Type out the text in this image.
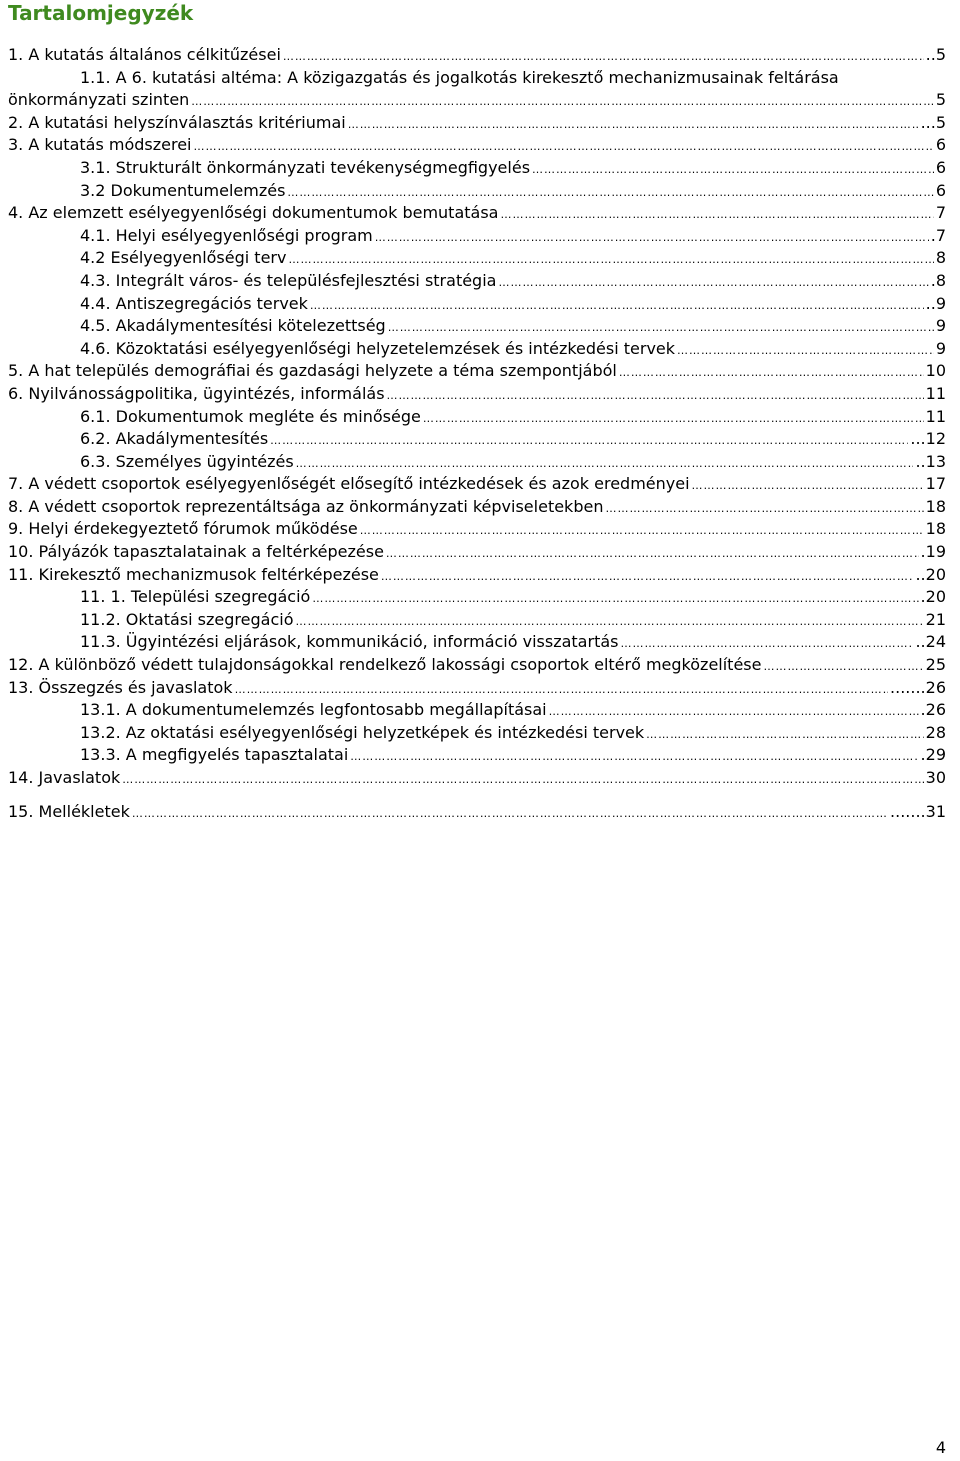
Tartalomjegyzék
1. A kutatás általános célkitűzései ………………………………………………………………………………………………………………………………………………………………………………………………………………………………………………………	..5
1.1. A 6. kutatási altéma: A közigazgatás és jogalkotás kirekesztő mechanizmusainak feltárása
önkormányzati szinten ………………………………………………………………………………………………………………………………………………………………………………………………………………………………………………………	5
2. A kutatási helyszínválasztás kritériumai ………………………………………………………………………………………………………………………………………………………………………………………………………………………………………………………	...5
3. A kutatás módszerei ………………………………………………………………………………………………………………………………………………………………………………………………………………………………………………………	6
3.1. Strukturált önkormányzati tevékenységmegfigyelés ………………………………………………………………………………………………………………………………………………………………………………………………………………………………………………………	6
3.2 Dokumentumelemzés ………………………………………………………………………………………………………………………………………………………………………………………………………………………………………………………	6
4. Az elemzett esélyegyenlőségi dokumentumok bemutatása ………………………………………………………………………………………………………………………………………………………………………………………………………………………………………………………	7
4.1. Helyi esélyegyenlőségi program ………………………………………………………………………………………………………………………………………………………………………………………………………………………………………………………	.7
4.2 Esélyegyenlőségi terv ………………………………………………………………………………………………………………………………………………………………………………………………………………………………………………………	8
4.3. Integrált város- és településfejlesztési stratégia ………………………………………………………………………………………………………………………………………………………………………………………………………………………………………………………	.8
4.4. Antiszegregációs tervek ………………………………………………………………………………………………………………………………………………………………………………………………………………………………………………………	..9
4.5. Akadálymentesítési kötelezettség ………………………………………………………………………………………………………………………………………………………………………………………………………………………………………………………	9
4.6. Közoktatási esélyegyenlőségi helyzetelemzések és intézkedési tervek ………………………………………………………………………………………………………………………………………………………………………………………………………………………………………………………	9
5. A hat település demográfiai és gazdasági helyzete a téma szempontjából ………………………………………………………………………………………………………………………………………………………………………………………………………………………………………………………	10
6. Nyilvánosságpolitika, ügyintézés, informálás ………………………………………………………………………………………………………………………………………………………………………………………………………………………………………………………	11
6.1. Dokumentumok megléte és minősége ………………………………………………………………………………………………………………………………………………………………………………………………………………………………………………………	11
6.2. Akadálymentesítés ………………………………………………………………………………………………………………………………………………………………………………………………………………………………………………………	...12
6.3. Személyes ügyintézés ………………………………………………………………………………………………………………………………………………………………………………………………………………………………………………………	..13
7. A védett csoportok esélyegyenlőségét elősegítő intézkedések és azok eredményei ………………………………………………………………………………………………………………………………………………………………………………………………………………………………………………………	17
8. A védett csoportok reprezentáltsága az önkormányzati képviseletekben ………………………………………………………………………………………………………………………………………………………………………………………………………………………………………………………	18
9. Helyi érdekegyeztető fórumok működése ………………………………………………………………………………………………………………………………………………………………………………………………………………………………………………………	18
10. Pályázók tapasztalatainak a feltérképezése ………………………………………………………………………………………………………………………………………………………………………………………………………………………………………………………	.19
11. Kirekesztő mechanizmusok feltérképezése ………………………………………………………………………………………………………………………………………………………………………………………………………………………………………………………	..20
11. 1. Települési szegregáció ………………………………………………………………………………………………………………………………………………………………………………………………………………………………………………………	.20
11.2. Oktatási szegregáció ………………………………………………………………………………………………………………………………………………………………………………………………………………………………………………………	21
11.3. Ügyintézési eljárások, kommunikáció, információ visszatartás ………………………………………………………………………………………………………………………………………………………………………………………………………………………………………………………	..24
12. A különböző védett tulajdonságokkal rendelkező lakossági csoportok eltérő megközelítése ………………………………………………………………………………………………………………………………………………………………………………………………………………………………………………………	25
13. Összegzés és javaslatok ………………………………………………………………………………………………………………………………………………………………………………………………………………………………………………………	.......26
13.1. A dokumentumelemzés legfontosabb megállapításai ………………………………………………………………………………………………………………………………………………………………………………………………………………………………………………………	.26
13.2. Az oktatási esélyegyenlőségi helyzetképek és intézkedési tervek ………………………………………………………………………………………………………………………………………………………………………………………………………………………………………………………	28
13.3. A megfigyelés tapasztalatai ………………………………………………………………………………………………………………………………………………………………………………………………………………………………………………………	.29
14. Javaslatok ………………………………………………………………………………………………………………………………………………………………………………………………………………………………………………………	30
15. Mellékletek ………………………………………………………………………………………………………………………………………………………………………………………………………………………………………………………	.......31
4
